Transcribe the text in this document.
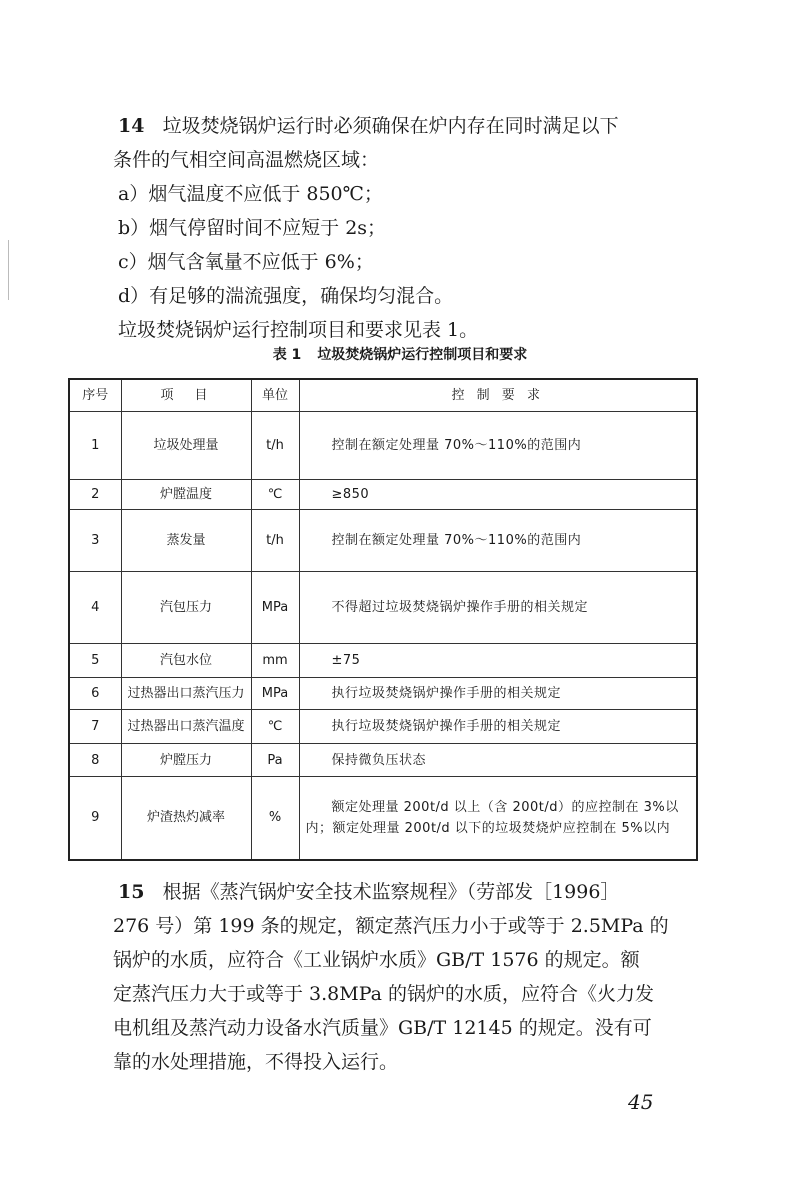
14 垃圾焚烧锅炉运行时必须确保在炉内存在同时满足以下
条件的气相空间高温燃烧区域：
a）烟气温度不应低于 850℃；
b）烟气停留时间不应短于 2s；
c）烟气含氧量不应低于 6%；
d）有足够的湍流强度，确保均匀混合。
垃圾焚烧锅炉运行控制项目和要求见表 1。
表 1 垃圾焚烧锅炉运行控制项目和要求
序号	项　目	单位	控 制 要 求
1	垃圾处理量	t/h	控制在额定处理量 70%～110%的范围内
2	炉膛温度	℃	≥850
3	蒸发量	t/h	控制在额定处理量 70%～110%的范围内
4	汽包压力	MPa	不得超过垃圾焚烧锅炉操作手册的相关规定
5	汽包水位	mm	±75
6	过热器出口蒸汽压力	MPa	执行垃圾焚烧锅炉操作手册的相关规定
7	过热器出口蒸汽温度	℃	执行垃圾焚烧锅炉操作手册的相关规定
8	炉膛压力	Pa	保持微负压状态
9	炉渣热灼减率	%	额定处理量 200t/d 以上（含 200t/d）的应控制在 3%以内；额定处理量 200t/d 以下的垃圾焚烧炉应控制在 5%以内
15 根据《蒸汽锅炉安全技术监察规程》（劳部发［1996］
276 号）第 199 条的规定，额定蒸汽压力小于或等于 2.5MPa 的
锅炉的水质，应符合《工业锅炉水质》GB/T 1576 的规定。额
定蒸汽压力大于或等于 3.8MPa 的锅炉的水质，应符合《火力发
电机组及蒸汽动力设备水汽质量》GB/T 12145 的规定。没有可
靠的水处理措施，不得投入运行。
45
